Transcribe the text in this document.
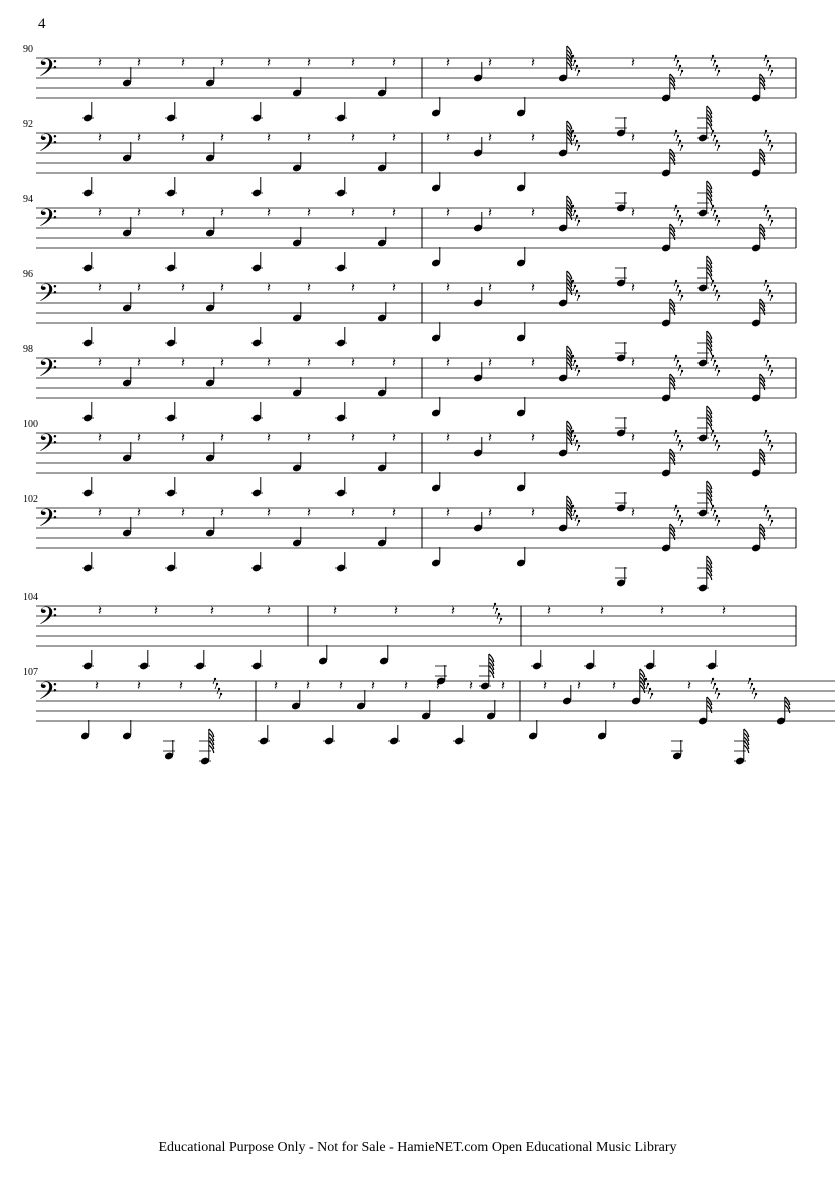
4
𝄢
90
𝄽	𝄽	𝄽	𝄽	𝄽	𝄽	𝄽	𝄽	𝄽	𝄽	𝄽	𝄽
𝄢
92
𝄽	𝄽	𝄽	𝄽	𝄽	𝄽	𝄽	𝄽	𝄽	𝄽	𝄽	𝄽
𝄢
94
𝄽	𝄽	𝄽	𝄽	𝄽	𝄽	𝄽	𝄽	𝄽	𝄽	𝄽	𝄽
𝄢
96
𝄽	𝄽	𝄽	𝄽	𝄽	𝄽	𝄽	𝄽	𝄽	𝄽	𝄽	𝄽
𝄢
98
𝄽	𝄽	𝄽	𝄽	𝄽	𝄽	𝄽	𝄽	𝄽	𝄽	𝄽	𝄽
𝄢
100
𝄽	𝄽	𝄽	𝄽	𝄽	𝄽	𝄽	𝄽	𝄽	𝄽	𝄽	𝄽
𝄢
102
𝄽	𝄽	𝄽	𝄽	𝄽	𝄽	𝄽	𝄽	𝄽	𝄽	𝄽	𝄽
𝄢
104
𝄽	𝄽	𝄽	𝄽	𝄽	𝄽	𝄽	𝄽	𝄽	𝄽	𝄽
𝄢
107
𝄽	𝄽	𝄽	𝄽 𝄽 𝄽 𝄽 𝄽 𝄽 𝄽 𝄽	𝄽 𝄽 𝄽	𝄽
Educational Purpose Only - Not for Sale - HamieNET.com Open Educational Music Library
